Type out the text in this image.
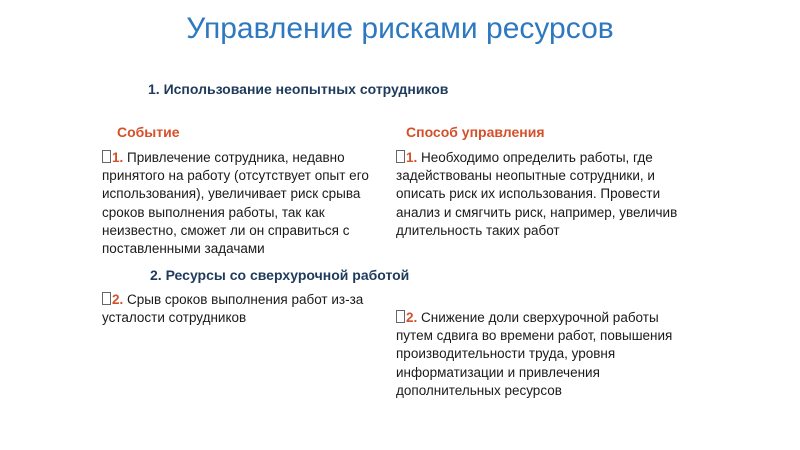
Управление рисками ресурсов
1. Использование неопытных сотрудников
Событие	Способ управления
1. Привлечение сотрудника, недавно принятого на работу (отсутствует опыт его использования), увеличивает риск срыва сроков выполнения работы, так как неизвестно, сможет ли он справиться с поставленными задачами
1. Необходимо определить работы, где задействованы неопытные сотрудники, и описать риск их использования. Провести анализ и смягчить риск, например, увеличив длительность таких работ
2. Ресурсы со сверхурочной работой
2. Срыв сроков выполнения работ из-за усталости сотрудников	2. Снижение доли сверхурочной работы путем сдвига во времени работ, повышения производительности труда, уровня информатизации и привлечения дополнительных ресурсов
